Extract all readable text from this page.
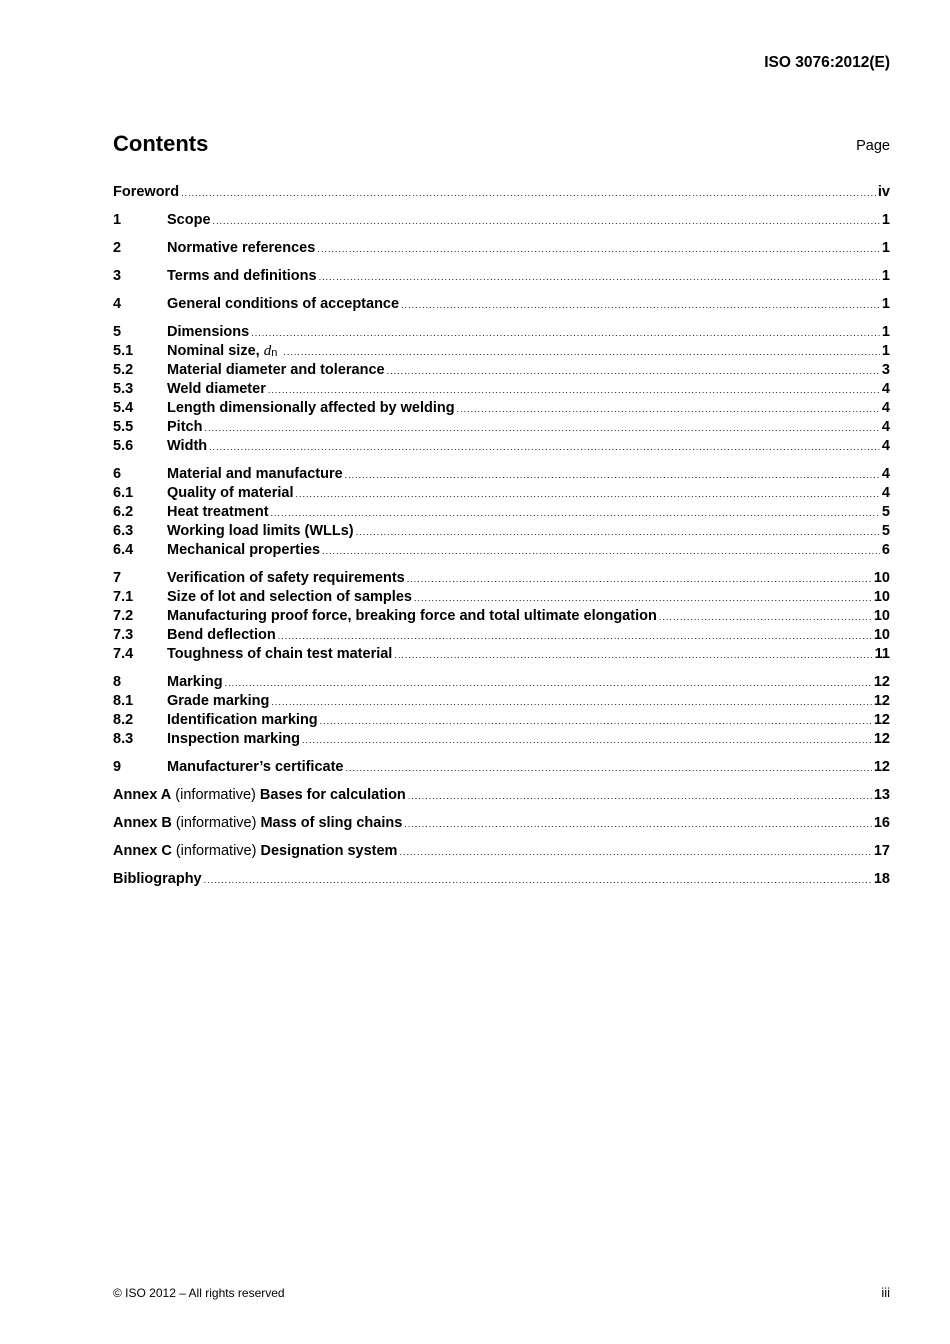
ISO 3076:2012(E)
Contents	Page
Foreword .....	iv
1	Scope .....	1
2	Normative references .....	1
3	Terms and definitions .....	1
4	General conditions of acceptance .....	1
5	Dimensions .....	1
5.1	Nominal size, $d_n$ .....	1
5.2	Material diameter and tolerance .....	3
5.3	Weld diameter .....	4
5.4	Length dimensionally affected by welding .....	4
5.5	Pitch .....	4
5.6	Width .....	4
6	Material and manufacture .....	4
6.1	Quality of material .....	4
6.2	Heat treatment .....	5
6.3	Working load limits (WLLs) .....	5
6.4	Mechanical properties .....	6
7	Verification of safety requirements .....	10
7.1	Size of lot and selection of samples .....	10
7.2	Manufacturing proof force, breaking force and total ultimate elongation .....	10
7.3	Bend deflection .....	10
7.4	Toughness of chain test material .....	11
8	Marking .....	12
8.1	Grade marking .....	12
8.2	Identification marking .....	12
8.3	Inspection marking .....	12
9	Manufacturer’s certificate .....	12
Annex A (informative) Bases for calculation .....	13
Annex B (informative) Mass of sling chains .....	16
Annex C (informative) Designation system .....	17
Bibliography .....	18
© ISO 2012 – All rights reserved	iii
